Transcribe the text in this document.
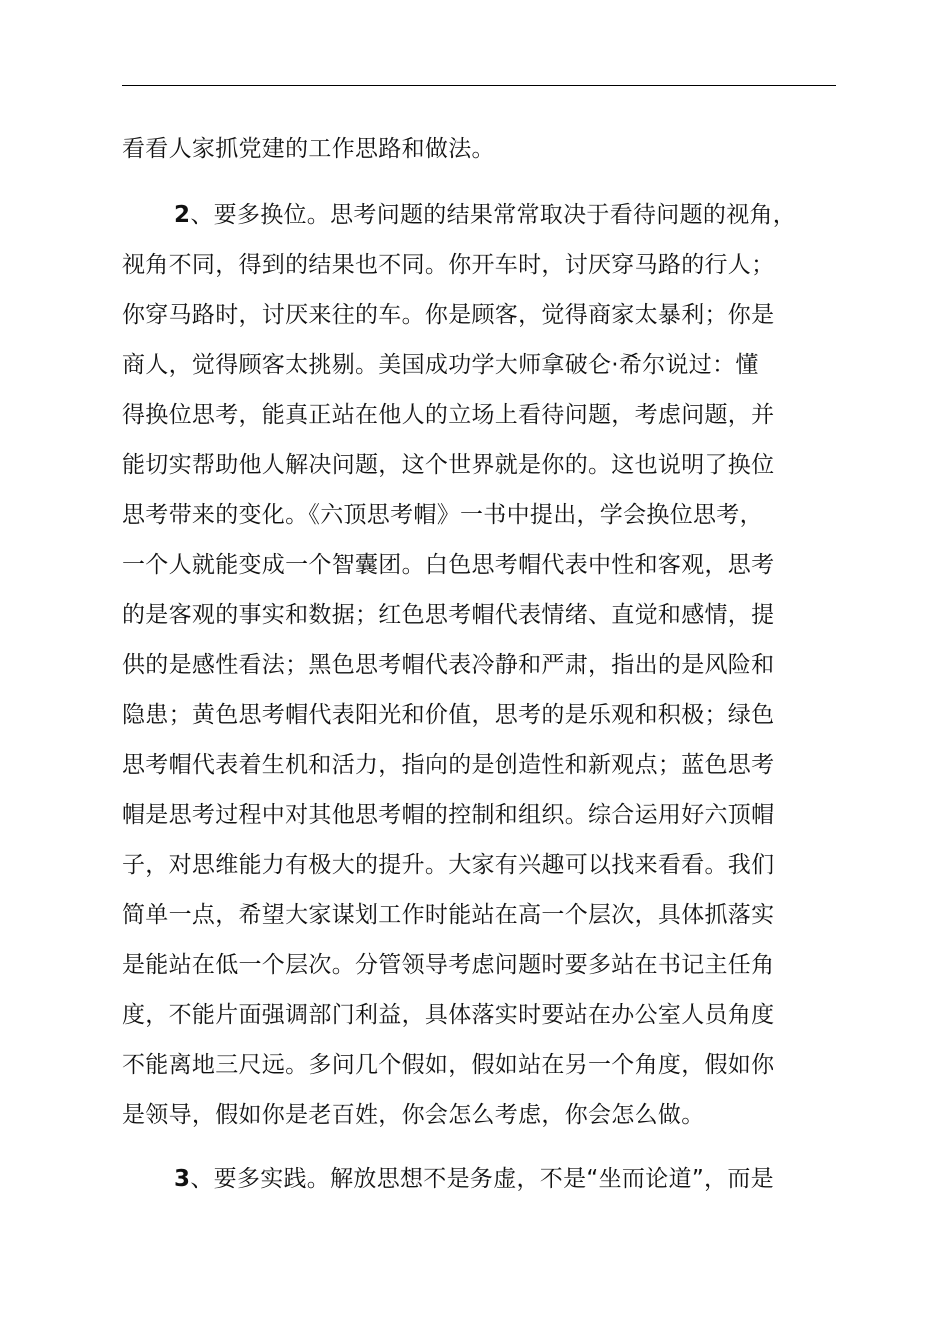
看看人家抓党建的工作思路和做法。
2、要多换位。思考问题的结果常常取决于看待问题的视角，
视角不同，得到的结果也不同。你开车时，讨厌穿马路的行人；
你穿马路时，讨厌来往的车。你是顾客，觉得商家太暴利；你是
商人，觉得顾客太挑剔。美国成功学大师拿破仑·希尔说过：懂
得换位思考，能真正站在他人的立场上看待问题，考虑问题，并
能切实帮助他人解决问题，这个世界就是你的。这也说明了换位
思考带来的变化。《六顶思考帽》一书中提出，学会换位思考，
一个人就能变成一个智囊团。白色思考帽代表中性和客观，思考
的是客观的事实和数据；红色思考帽代表情绪、直觉和感情，提
供的是感性看法；黑色思考帽代表冷静和严肃，指出的是风险和
隐患；黄色思考帽代表阳光和价值，思考的是乐观和积极；绿色
思考帽代表着生机和活力，指向的是创造性和新观点；蓝色思考
帽是思考过程中对其他思考帽的控制和组织。综合运用好六顶帽
子，对思维能力有极大的提升。大家有兴趣可以找来看看。我们
简单一点，希望大家谋划工作时能站在高一个层次，具体抓落实
是能站在低一个层次。分管领导考虑问题时要多站在书记主任角
度，不能片面强调部门利益，具体落实时要站在办公室人员角度
不能离地三尺远。多问几个假如，假如站在另一个角度，假如你
是领导，假如你是老百姓，你会怎么考虑，你会怎么做。
3、要多实践。解放思想不是务虚，不是“坐而论道”，而是
